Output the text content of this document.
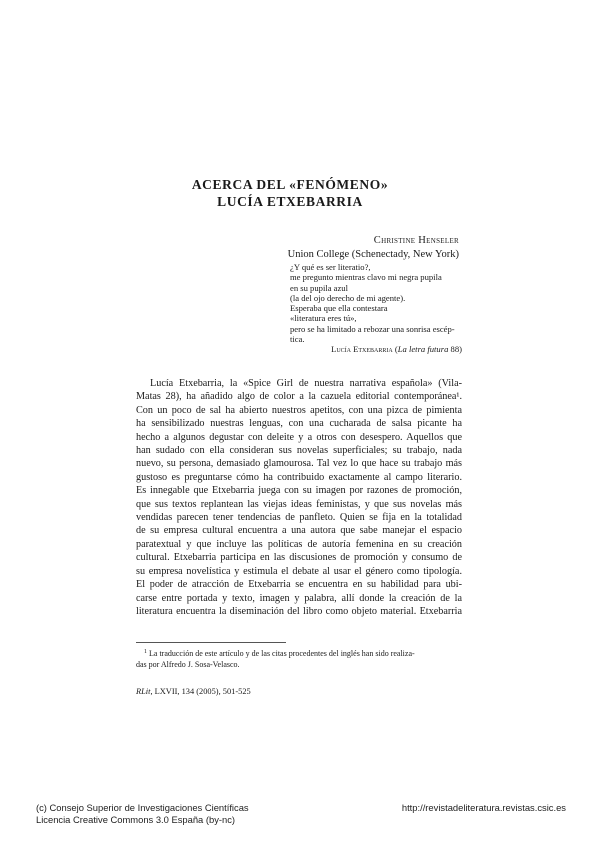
ACERCA DEL «FENÓMENO»
LUCÍA ETXEBARRIA
Christine Henseler
Union College (Schenectady, New York)
¿Y qué es ser literatio?,
me pregunto mientras clavo mi negra pupila
en su pupila azul
(la del ojo derecho de mi agente).
Esperaba que ella contestara
«literatura eres tú»,
pero se ha limitado a rebozar una sonrisa escép-
tica.
Lucía Etxebarria (La letra futura 88)
Lucía Etxebarria, la «Spice Girl de nuestra narrativa española» (Vila-
Matas 28), ha añadido algo de color a la cazuela editorial contemporánea¹.
Con un poco de sal ha abierto nuestros apetitos, con una pizca de pimienta
ha sensibilizado nuestras lenguas, con una cucharada de salsa picante ha
hecho a algunos degustar con deleite y a otros con desespero. Aquellos que
han sudado con ella consideran sus novelas superficiales; su trabajo, nada
nuevo, su persona, demasiado glamourosa. Tal vez lo que hace su trabajo más
gustoso es preguntarse cómo ha contribuido exactamente al campo literario.
Es innegable que Etxebarria juega con su imagen por razones de promoción,
que sus textos replantean las viejas ideas feministas, y que sus novelas más
vendidas parecen tener tendencias de panfleto. Quien se fija en la totalidad
de su empresa cultural encuentra a una autora que sabe manejar el espacio
paratextual y que incluye las políticas de autoría femenina en su creación
cultural. Etxebarria participa en las discusiones de promoción y consumo de
su empresa novelística y estimula el debate al usar el género como tipología.
El poder de atracción de Etxebarria se encuentra en su habilidad para ubi-
carse entre portada y texto, imagen y palabra, allí donde la creación de la
literatura encuentra la diseminación del libro como objeto material. Etxebarria
$^1$ La traducción de este artículo y de las citas procedentes del inglés han sido realiza-
das por Alfredo J. Sosa-Velasco.
RLit, LXVII, 134 (2005), 501-525
(c) Consejo Superior de Investigaciones Científicas	http://revistadeliteratura.revistas.csic.es
Licencia Creative Commons 3.0 España (by-nc)
